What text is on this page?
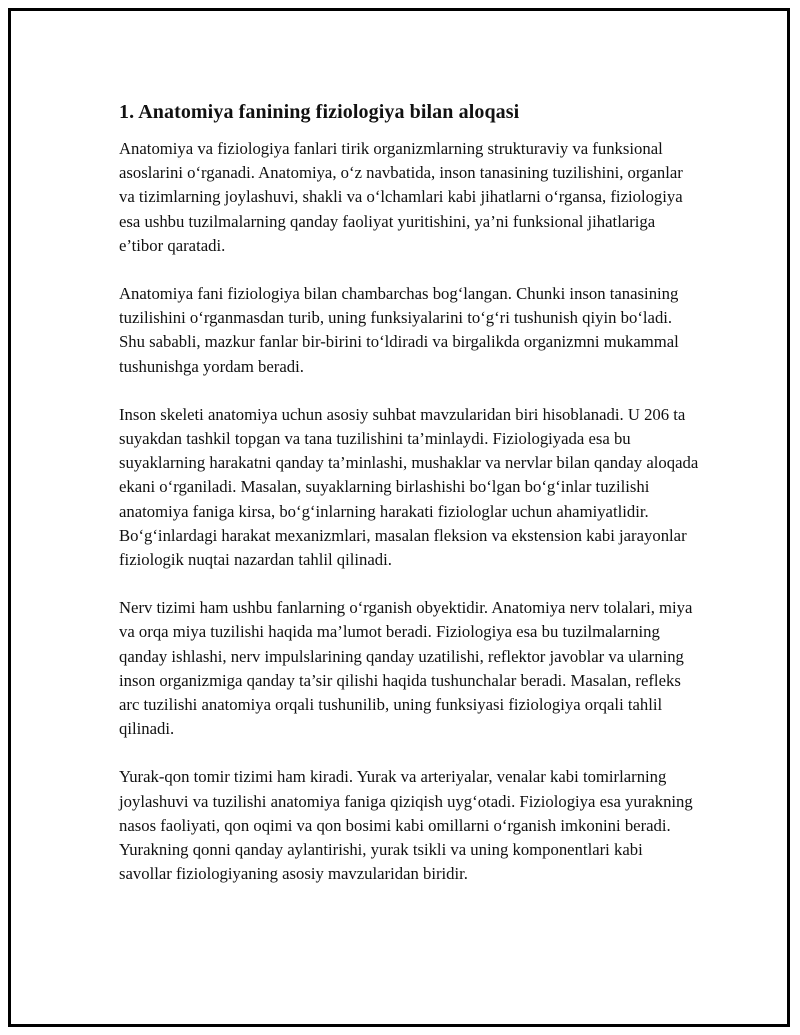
1. Anatomiya fanining fiziologiya bilan aloqasi

Anatomiya va fiziologiya fanlari tirik organizmlarning strukturaviy va funksional asoslarini o‘rganadi. Anatomiya, o‘z navbatida, inson tanasining tuzilishini, organlar va tizimlarning joylashuvi, shakli va o‘lchamlari kabi jihatlarni o‘rgansa, fiziologiya esa ushbu tuzilmalarning qanday faoliyat yuritishini, ya’ni funksional jihatlariga e’tibor qaratadi.

Anatomiya fani fiziologiya bilan chambarchas bog‘langan. Chunki inson tanasining tuzilishini o‘rganmasdan turib, uning funksiyalarini to‘g‘ri tushunish qiyin bo‘ladi. Shu sababli, mazkur fanlar bir-birini to‘ldiradi va birgalikda organizmni mukammal tushunishga yordam beradi.

Inson skeleti anatomiya uchun asosiy suhbat mavzularidan biri hisoblanadi. U 206 ta suyakdan tashkil topgan va tana tuzilishini ta’minlaydi. Fiziologiyada esa bu suyaklarning harakatni qanday ta’minlashi, mushaklar va nervlar bilan qanday aloqada ekani o‘rganiladi. Masalan, suyaklarning birlashishi bo‘lgan bo‘g‘inlar tuzilishi anatomiya faniga kirsa, bo‘g‘inlarning harakati fiziologlar uchun ahamiyatlidir. Bo‘g‘inlardagi harakat mexanizmlari, masalan fleksion va ekstension kabi jarayonlar fiziologik nuqtai nazardan tahlil qilinadi.

Nerv tizimi ham ushbu fanlarning o‘rganish obyektidir. Anatomiya nerv tolalari, miya va orqa miya tuzilishi haqida ma’lumot beradi. Fiziologiya esa bu tuzilmalarning qanday ishlashi, nerv impulslarining qanday uzatilishi, reflektor javoblar va ularning inson organizmiga qanday ta’sir qilishi haqida tushunchalar beradi. Masalan, refleks arc tuzilishi anatomiya orqali tushunilib, uning funksiyasi fiziologiya orqali tahlil qilinadi.

Yurak-qon tomir tizimi ham kiradi. Yurak va arteriyalar, venalar kabi tomirlarning joylashuvi va tuzilishi anatomiya faniga qiziqish uyg‘otadi. Fiziologiya esa yurakning nasos faoliyati, qon oqimi va qon bosimi kabi omillarni o‘rganish imkonini beradi. Yurakning qonni qanday aylantirishi, yurak tsikli va uning komponentlari kabi savollar fiziologiyaning asosiy mavzularidan biridir.
